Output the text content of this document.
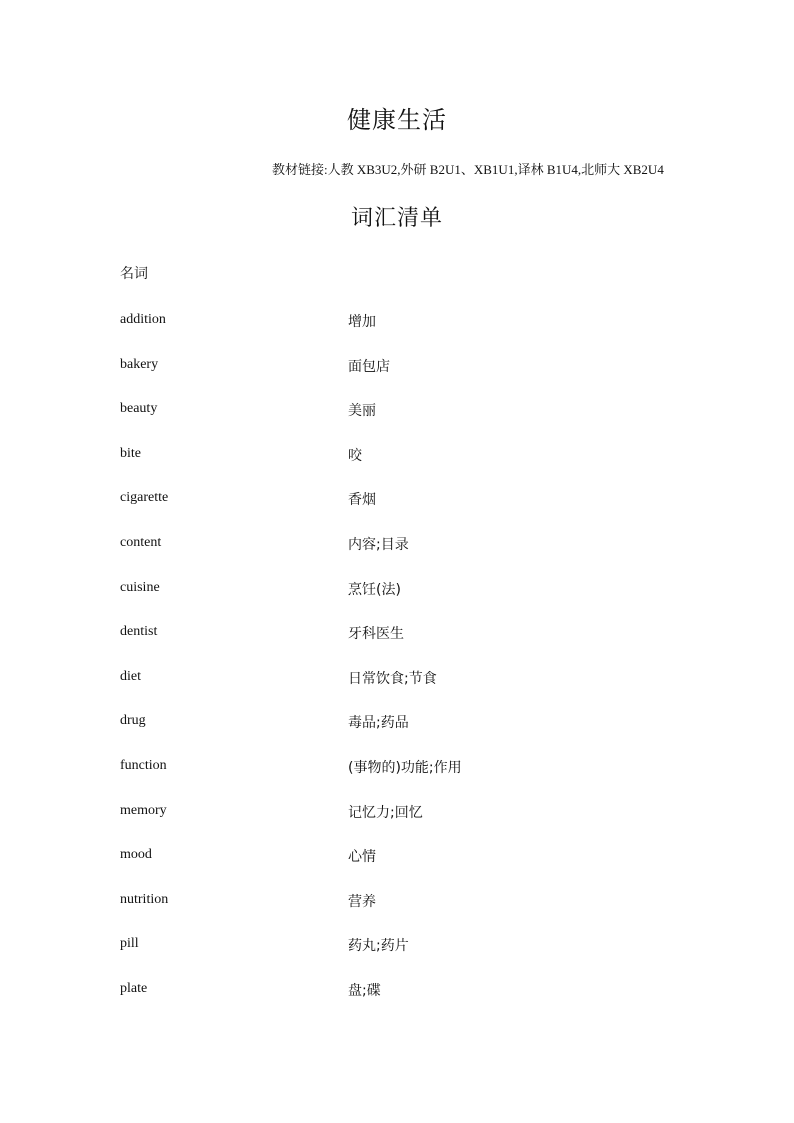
健康生活
教材链接:人教 XB3U2,外研 B2U1、XB1U1,译林 B1U4,北师大 XB2U4
词汇清单
名词
addition	增加
bakery	面包店
beauty	美丽
bite	咬
cigarette	香烟
content	内容;目录
cuisine	烹饪(法)
dentist	牙科医生
diet	日常饮食;节食
drug	毒品;药品
function	(事物的)功能;作用
memory	记忆力;回忆
mood	心情
nutrition	营养
pill	药丸;药片
plate	盘;碟
